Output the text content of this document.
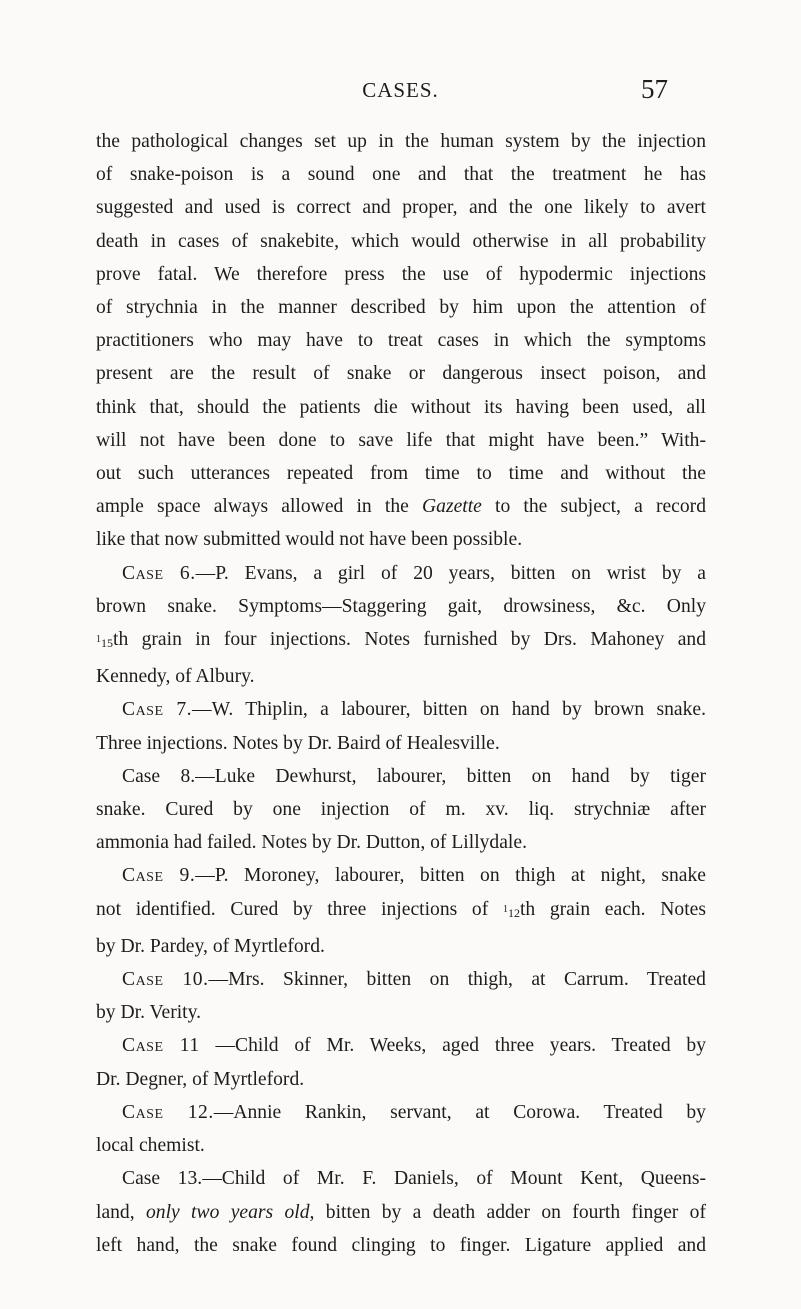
CASES.	57

the pathological changes set up in the human system by the injection

of snake-poison is a sound one and that the treatment he has

suggested and used is correct and proper, and the one likely to avert

death in cases of snakebite, which would otherwise in all probability

prove fatal. We therefore press the use of hypodermic injections

of strychnia in the manner described by him upon the attention of

practitioners who may have to treat cases in which the symptoms

present are the result of snake or dangerous insect poison, and

think that, should the patients die without its having been used, all

will not have been done to save life that might have been.” With-

out such utterances repeated from time to time and without the

ample space always allowed in the Gazette to the subject, a record

like that now submitted would not have been possible.

Case 6.—P. Evans, a girl of 20 years, bitten on wrist by a

brown snake. Symptoms—Staggering gait, drowsiness, &c. Only

$^1$15th grain in four injections. Notes furnished by Drs. Mahoney and

Kennedy, of Albury.

Case 7.—W. Thiplin, a labourer, bitten on hand by brown snake.

Three injections. Notes by Dr. Baird of Healesville.

Case 8.—Luke Dewhurst, labourer, bitten on hand by tiger

snake. Cured by one injection of m. xv. liq. strychniæ after

ammonia had failed. Notes by Dr. Dutton, of Lillydale.

Case 9.—P. Moroney, labourer, bitten on thigh at night, snake

not identified. Cured by three injections of $^1$12th grain each. Notes

by Dr. Pardey, of Myrtleford.

Case 10.—Mrs. Skinner, bitten on thigh, at Carrum. Treated

by Dr. Verity.

Case 11 —Child of Mr. Weeks, aged three years. Treated by

Dr. Degner, of Myrtleford.

Case 12.—Annie Rankin, servant, at Corowa. Treated by

local chemist.

Case 13.—Child of Mr. F. Daniels, of Mount Kent, Queens-

land, only two years old, bitten by a death adder on fourth finger of

left hand, the snake found clinging to finger. Ligature applied and
